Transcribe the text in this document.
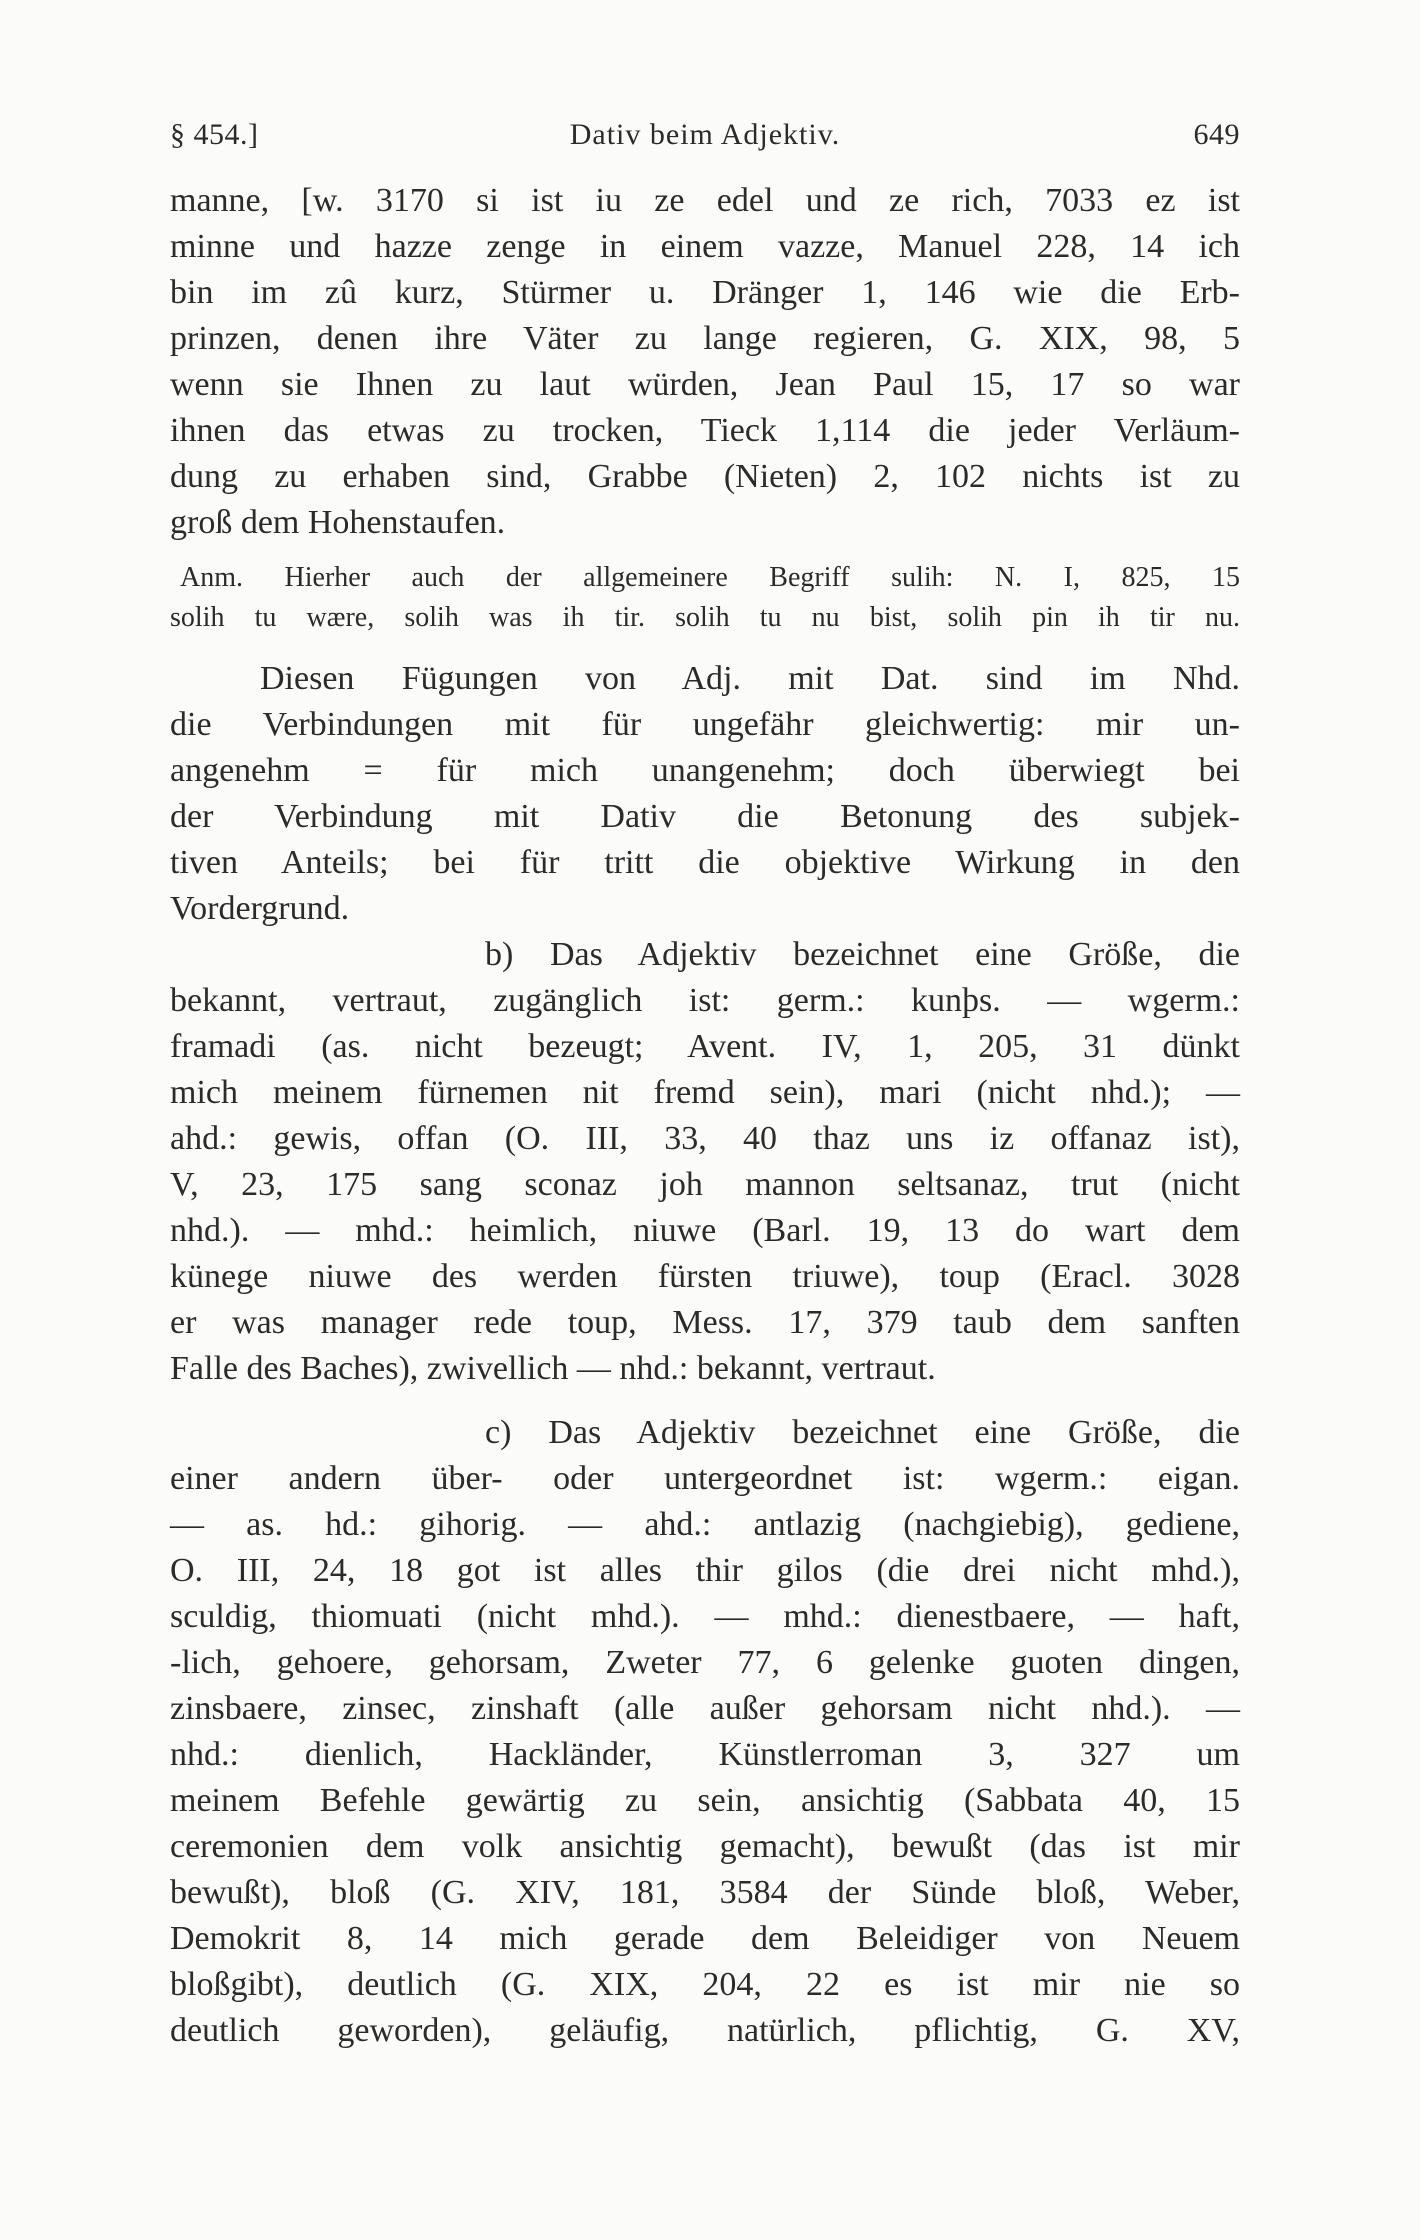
§ 454.]	Dativ beim Adjektiv.	649
manne, [w. 3170 si ist iu ze edel und ze rich, 7033 ez ist
minne und hazze zenge in einem vazze, Manuel 228, 14 ich
bin im zû kurz, Stürmer u. Dränger 1, 146 wie die Erb-
prinzen, denen ihre Väter zu lange regieren, G. XIX, 98, 5
wenn sie Ihnen zu laut würden, Jean Paul 15, 17 so war
ihnen das etwas zu trocken, Tieck 1,114 die jeder Verläum-
dung zu erhaben sind, Grabbe (Nieten) 2, 102 nichts ist zu
groß dem Hohenstaufen.
Anm. Hierher auch der allgemeinere Begriff sulih: N. I, 825, 15
solih tu wære, solih was ih tir. solih tu nu bist, solih pin ih tir nu.
Diesen Fügungen von Adj. mit Dat. sind im Nhd.
die Verbindungen mit für ungefähr gleichwertig: mir un-
angenehm = für mich unangenehm; doch überwiegt bei
der Verbindung mit Dativ die Betonung des subjek-
tiven Anteils; bei für tritt die objektive Wirkung in den
Vordergrund.
b) Das Adjektiv bezeichnet eine Größe, die
bekannt, vertraut, zugänglich ist: germ.: kunþs. — wgerm.:
framadi (as. nicht bezeugt; Avent. IV, 1, 205, 31 dünkt
mich meinem fürnemen nit fremd sein), mari (nicht nhd.); —
ahd.: gewis, offan (O. III, 33, 40 thaz uns iz offanaz ist),
V, 23, 175 sang sconaz joh mannon seltsanaz, trut (nicht
nhd.). — mhd.: heimlich, niuwe (Barl. 19, 13 do wart dem
künege niuwe des werden fürsten triuwe), toup (Eracl. 3028
er was manager rede toup, Mess. 17, 379 taub dem sanften
Falle des Baches), zwivellich — nhd.: bekannt, vertraut.
c) Das Adjektiv bezeichnet eine Größe, die
einer andern über- oder untergeordnet ist: wgerm.: eigan.
— as. hd.: gihorig. — ahd.: antlazig (nachgiebig), gediene,
O. III, 24, 18 got ist alles thir gilos (die drei nicht mhd.),
sculdig, thiomuati (nicht mhd.). — mhd.: dienestbaere, — haft,
-lich, gehoere, gehorsam, Zweter 77, 6 gelenke guoten dingen,
zinsbaere, zinsec, zinshaft (alle außer gehorsam nicht nhd.). —
nhd.: dienlich, Hackländer, Künstlerroman 3, 327 um
meinem Befehle gewärtig zu sein, ansichtig (Sabbata 40, 15
ceremonien dem volk ansichtig gemacht), bewußt (das ist mir
bewußt), bloß (G. XIV, 181, 3584 der Sünde bloß, Weber,
Demokrit 8, 14 mich gerade dem Beleidiger von Neuem
bloßgibt), deutlich (G. XIX, 204, 22 es ist mir nie so
deutlich geworden), geläufig, natürlich, pflichtig, G. XV,
